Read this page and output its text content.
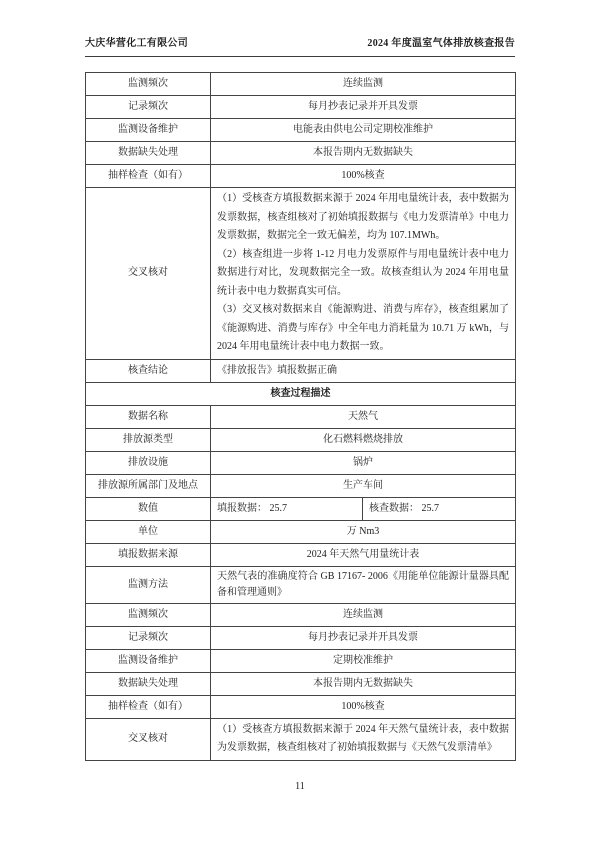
大庆华营化工有限公司	2024 年度温室气体排放核查报告
监测频次	连续监测	
记录频次	每月抄表记录并开具发票	
监测设备维护	电能表由供电公司定期校准维护	
数据缺失处理	本报告期内无数据缺失	
抽样检查（如有）	100%核查	
交叉核对	（1）受核查方填报数据来源于 2024 年用电量统计表，表中数据为发票数据，核查组核对了初始填报数据与《电力发票清单》中电力发票数据，数据完全一致无偏差，均为 107.1MWh。

（2）核查组进一步将 1-12 月电力发票原件与用电量统计表中电力数据进行对比，发现数据完全一致。故核查组认为 2024 年用电量统计表中电力数据真实可信。

（3）交叉核对数据来自《能源购进、消费与库存》，核查组累加了《能源购进、消费与库存》中全年电力消耗量为 10.71 万 kWh，与 2024 年用电量统计表中电力数据一致。	

核查结论	《排放报告》填报数据正确	
核查过程描述		
数据名称	天然气	
排放源类型	化石燃料燃烧排放	
排放设施	锅炉	
排放源所属部门及地点	生产车间	
数值	填报数据： 25.7	核查数据： 25.7
单位	万 Nm3	
填报数据来源	2024 年天然气用量统计表	
监测方法	天然气表的准确度符合 GB 17167- 2006《用能单位能源计量器具配备和管理通则》	
监测频次	连续监测	
记录频次	每月抄表记录并开具发票	
监测设备维护	定期校准维护	
数据缺失处理	本报告期内无数据缺失	
抽样检查（如有）	100%核查	
交叉核对	（1）受核查方填报数据来源于 2024 年天然气量统计表，表中数据为发票数据，核查组核对了初始填报数据与《天然气发票清单》	

11
